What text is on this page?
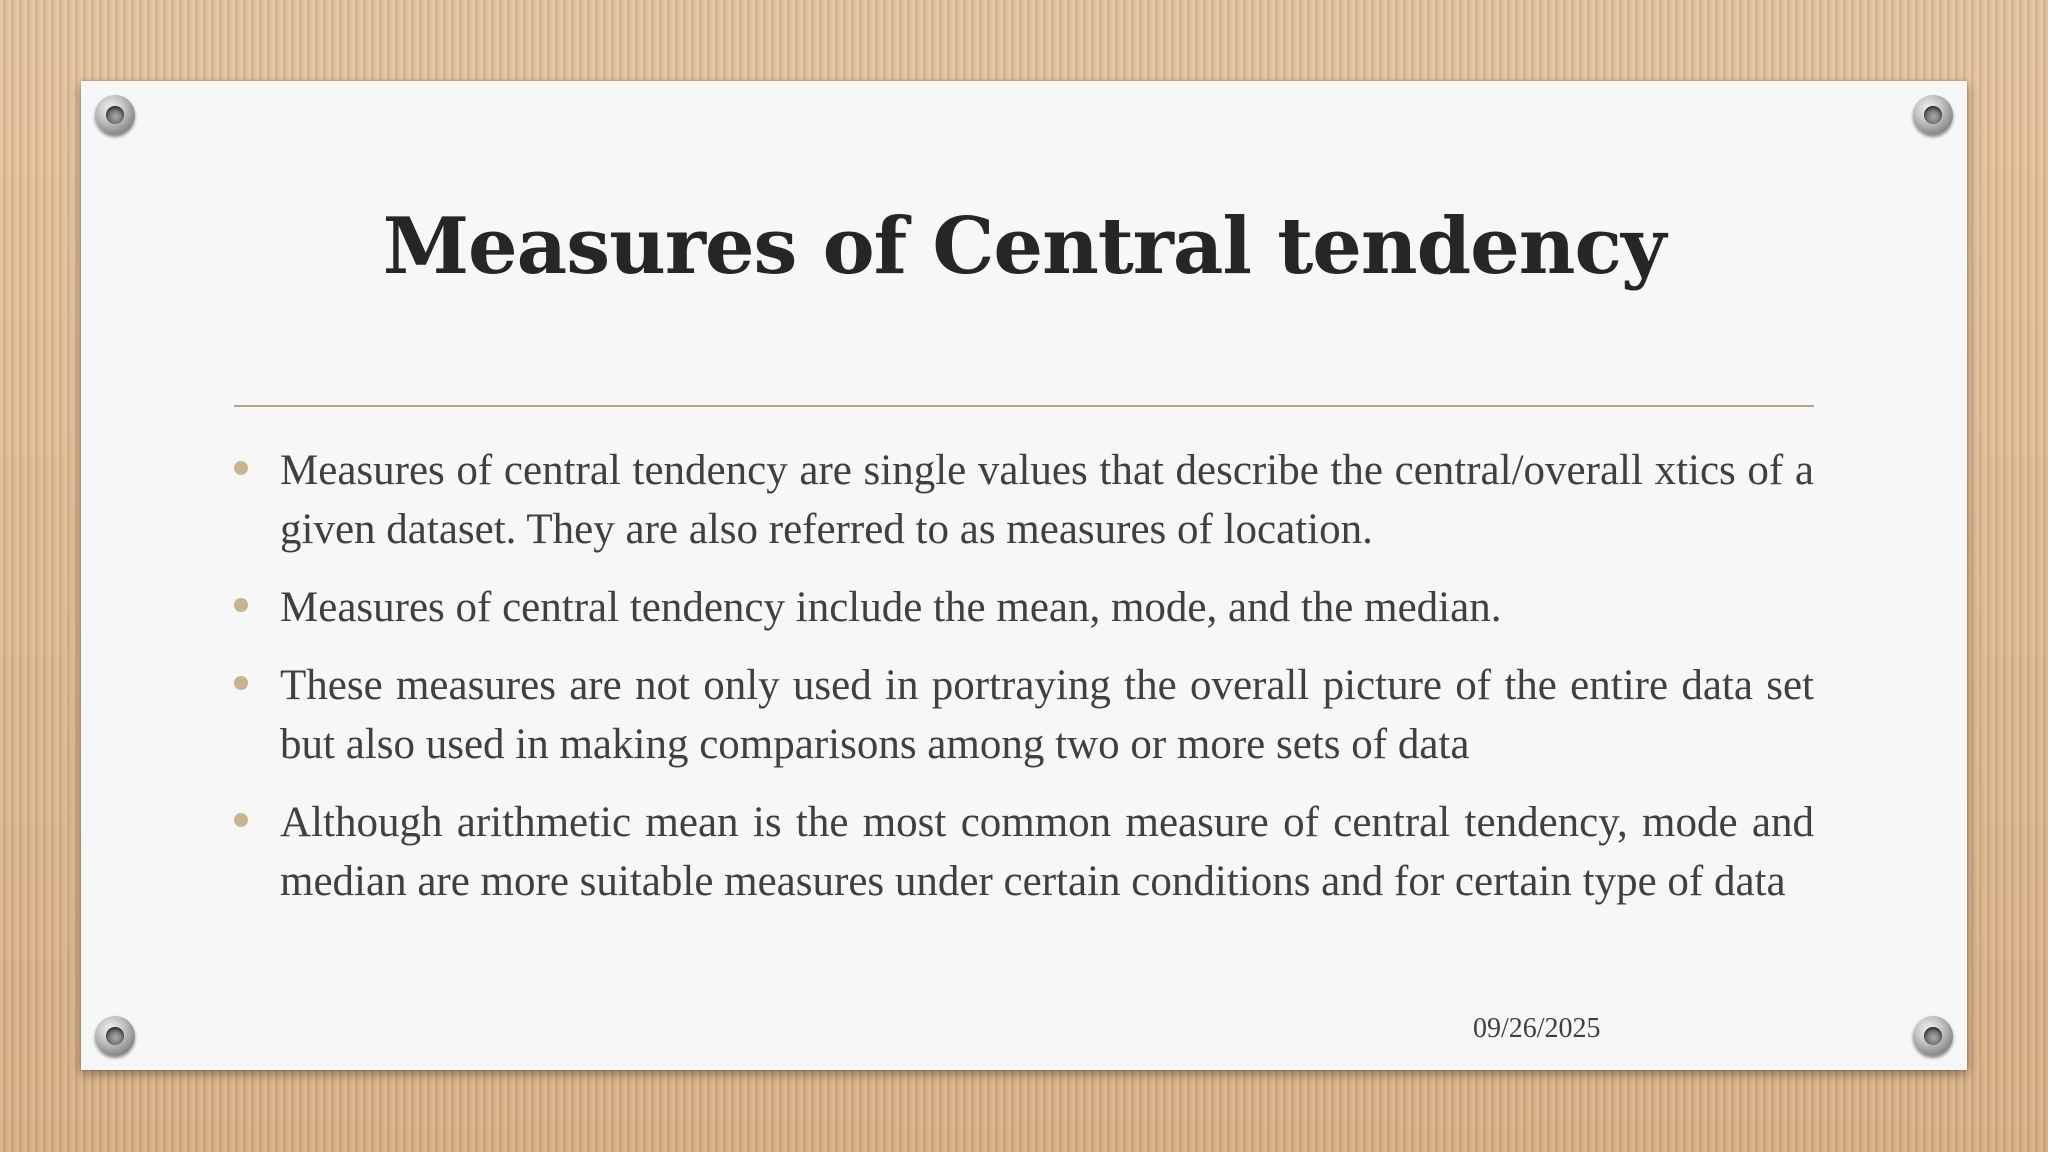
Measures of Central tendency
Measures of central tendency are single values that describe the central/overall xtics of a given dataset. They are also referred to as measures of location.
Measures of central tendency include the mean, mode, and the median.
These measures are not only used in portraying the overall picture of the entire data set but also used in making comparisons among two or more sets of data
Although arithmetic mean is the most common measure of central tendency, mode and median are more suitable measures under certain conditions and for certain type of data
09/26/2025
